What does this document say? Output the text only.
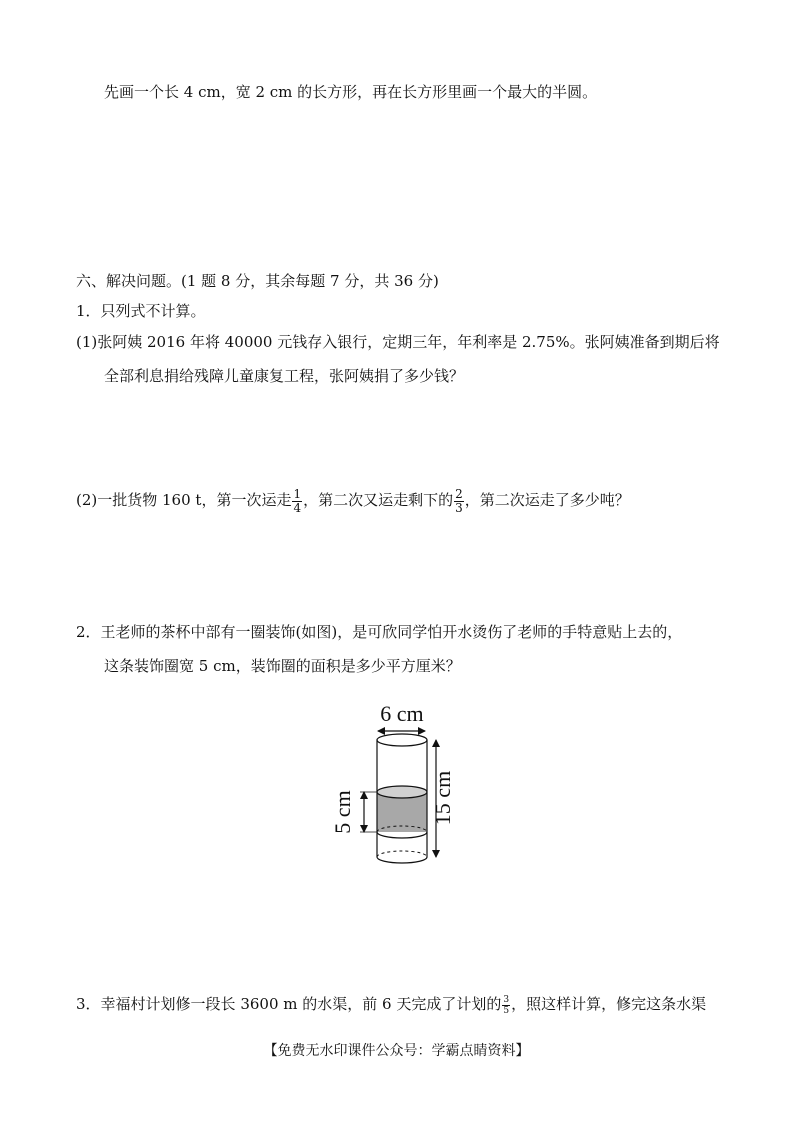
先画一个长 4 cm，宽 2 cm 的长方形，再在长方形里画一个最大的半圆。
六、解决问题。(1 题 8 分，其余每题 7 分，共 36 分)
1．只列式不计算。
(1)张阿姨 2016 年将 40000 元钱存入银行，定期三年，年利率是 2.75%。张阿姨准备到期后将
全部利息捐给残障儿童康复工程，张阿姨捐了多少钱？
(2)一批货物 160 t，第一次运走 $\frac{1}{4}$ ，第二次又运走剩下的 $\frac{2}{3}$ ，第二次运走了多少吨？
2．王老师的茶杯中部有一圈装饰(如图)，是可欣同学怕开水烫伤了老师的手特意贴上去的，
这条装饰圈宽 5 cm，装饰圈的面积是多少平方厘米？
6 cm
5 cm	15 cm
3．幸福村计划修一段长 3600 m 的水渠，前 6 天完成了计划的 $\frac{3}{5}$ ，照这样计算，修完这条水渠
【免费无水印课件公众号：学霸点睛资料】
